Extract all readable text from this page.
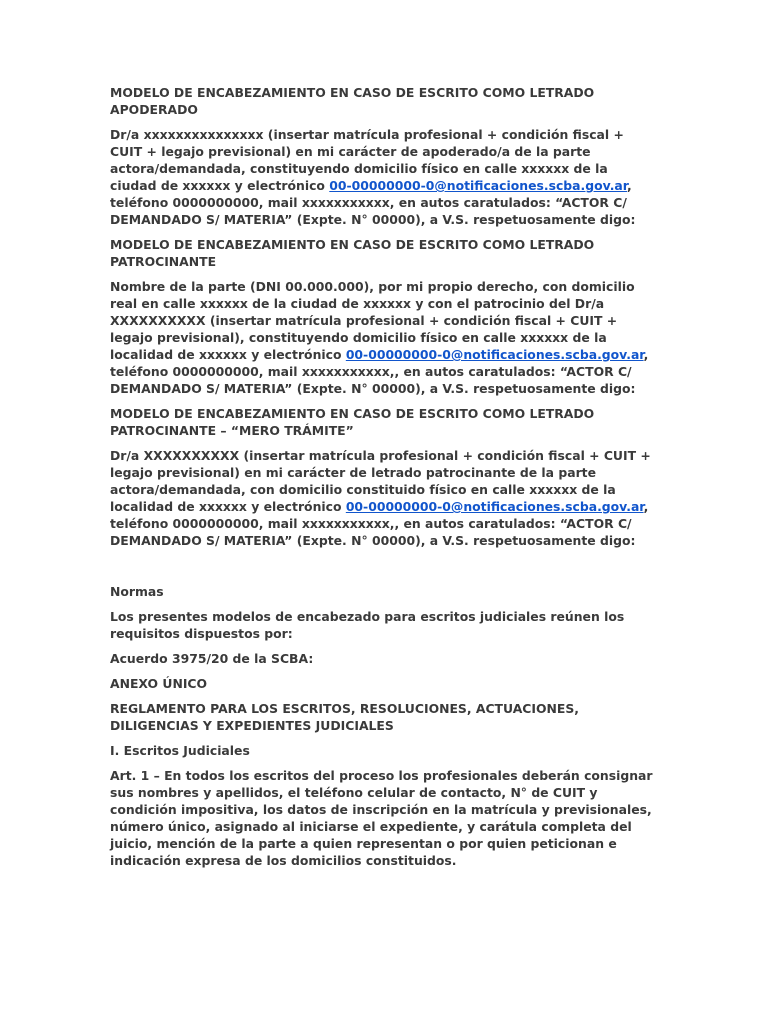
MODELO DE ENCABEZAMIENTO EN CASO DE ESCRITO COMO LETRADO APODERADO

Dr/a xxxxxxxxxxxxxxx (insertar matrícula profesional + condición fiscal + CUIT + legajo previsional) en mi carácter de apoderado/a de la parte actora/demandada, constituyendo domicilio físico en calle xxxxxx de la ciudad de xxxxxx y electrónico 00-00000000-0@notificaciones.scba.gov.ar, teléfono 0000000000, mail xxxxxxxxxxx, en autos caratulados: “ACTOR C/ DEMANDADO S/ MATERIA” (Expte. N° 00000), a V.S. respetuosamente digo:

MODELO DE ENCABEZAMIENTO EN CASO DE ESCRITO COMO LETRADO PATROCINANTE

Nombre de la parte (DNI 00.000.000), por mi propio derecho, con domicilio real en calle xxxxxx de la ciudad de xxxxxx y con el patrocinio del Dr/a XXXXXXXXXX (insertar matrícula profesional + condición fiscal + CUIT + legajo previsional), constituyendo domicilio físico en calle xxxxxx de la localidad de xxxxxx y electrónico 00-00000000-0@notificaciones.scba.gov.ar, teléfono 0000000000, mail xxxxxxxxxxx,, en autos caratulados: “ACTOR C/ DEMANDADO S/ MATERIA” (Expte. N° 00000), a V.S. respetuosamente digo:

MODELO DE ENCABEZAMIENTO EN CASO DE ESCRITO COMO LETRADO PATROCINANTE – “MERO TRÁMITE”

Dr/a XXXXXXXXXX (insertar matrícula profesional + condición fiscal + CUIT + legajo previsional) en mi carácter de letrado patrocinante de la parte actora/demandada, con domicilio constituido físico en calle xxxxxx de la localidad de xxxxxx y electrónico 00-00000000-0@notificaciones.scba.gov.ar, teléfono 0000000000, mail xxxxxxxxxxx,, en autos caratulados: “ACTOR C/ DEMANDADO S/ MATERIA” (Expte. N° 00000), a V.S. respetuosamente digo:

Normas

Los presentes modelos de encabezado para escritos judiciales reúnen los requisitos dispuestos por:

Acuerdo 3975/20 de la SCBA:

ANEXO ÚNICO

REGLAMENTO PARA LOS ESCRITOS, RESOLUCIONES, ACTUACIONES, DILIGENCIAS Y EXPEDIENTES JUDICIALES

I. Escritos Judiciales

Art. 1 – En todos los escritos del proceso los profesionales deberán consignar sus nombres y apellidos, el teléfono celular de contacto, N° de CUIT y condición impositiva, los datos de inscripción en la matrícula y previsionales, número único, asignado al iniciarse el expediente, y carátula completa del juicio, mención de la parte a quien representan o por quien peticionan e indicación expresa de los domicilios constituidos.
